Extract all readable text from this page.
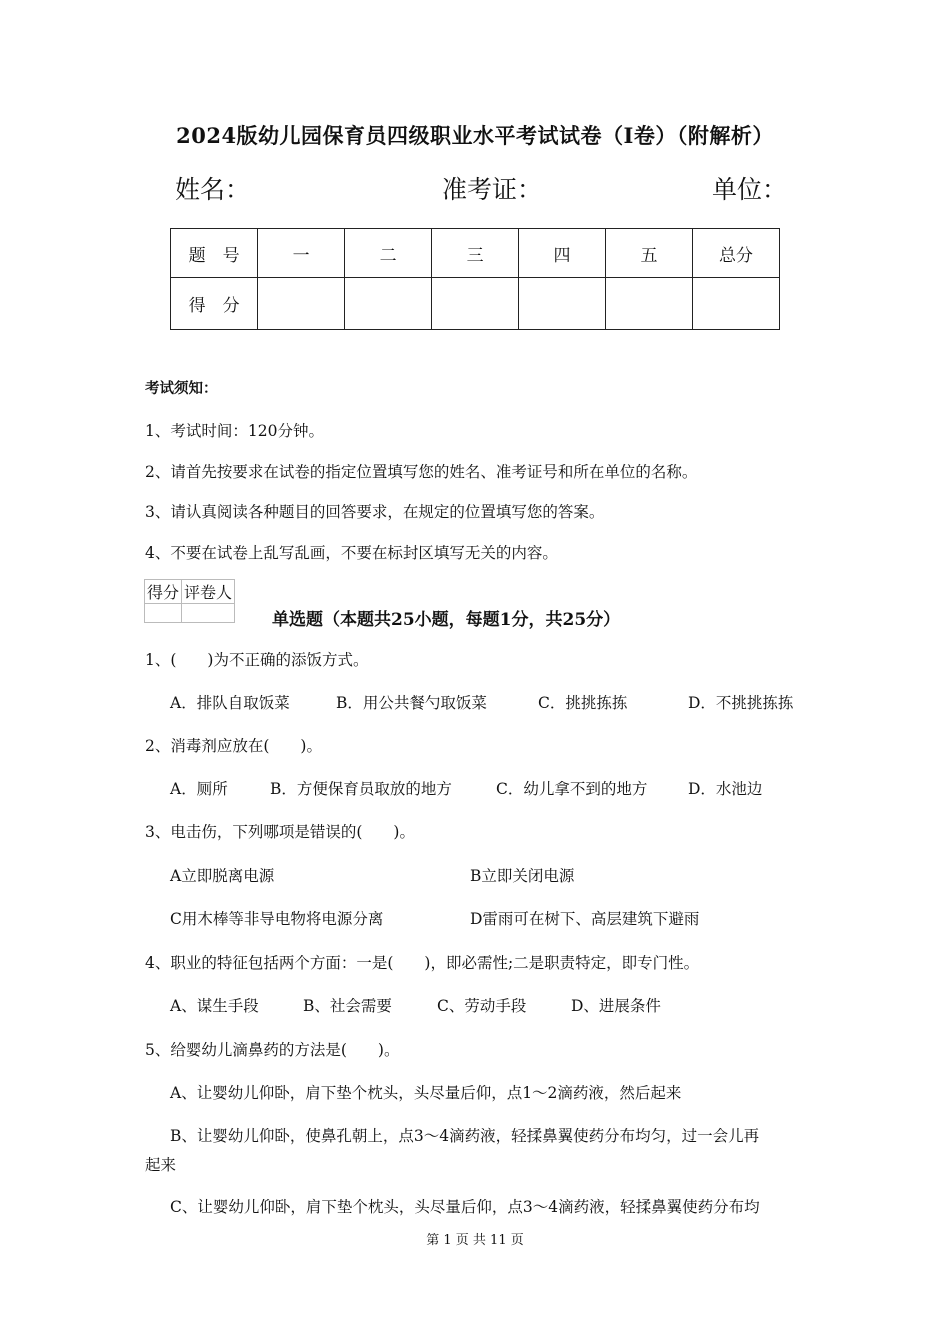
2024版幼儿园保育员四级职业水平考试试卷（I卷）（附解析）
姓名：	准考证：	单位：
题　号	一	二	三	四	五	总分
得　分						
考试须知：
1、考试时间：120分钟。
2、请首先按要求在试卷的指定位置填写您的姓名、准考证号和所在单位的名称。
3、请认真阅读各种题目的回答要求，在规定的位置填写您的答案。
4、不要在试卷上乱写乱画，不要在标封区填写无关的内容。
得分	评卷人

单选题（本题共25小题，每题1分，共25分）
1、(　　)为不正确的添饭方式。
A．排队自取饭菜	B．用公共餐勺取饭菜	C．挑挑拣拣	D．不挑挑拣拣
2、消毒剂应放在(　　)。
A．厕所	B．方便保育员取放的地方	C．幼儿拿不到的地方	D．水池边
3、电击伤，下列哪项是错误的(　　)。
A立即脱离电源	B立即关闭电源
C用木棒等非导电物将电源分离	D雷雨可在树下、高层建筑下避雨
4、职业的特征包括两个方面：一是(　　)，即必需性;二是职责特定，即专门性。
A、谋生手段	B、社会需要	C、劳动手段	D、进展条件
5、给婴幼儿滴鼻药的方法是(　　)。
A、让婴幼儿仰卧，肩下垫个枕头，头尽量后仰，点1～2滴药液，然后起来
B、让婴幼儿仰卧，使鼻孔朝上，点3～4滴药液，轻揉鼻翼使药分布均匀，过一会儿再
起来
C、让婴幼儿仰卧，肩下垫个枕头，头尽量后仰，点3～4滴药液，轻揉鼻翼使药分布均
第 1 页 共 11 页
